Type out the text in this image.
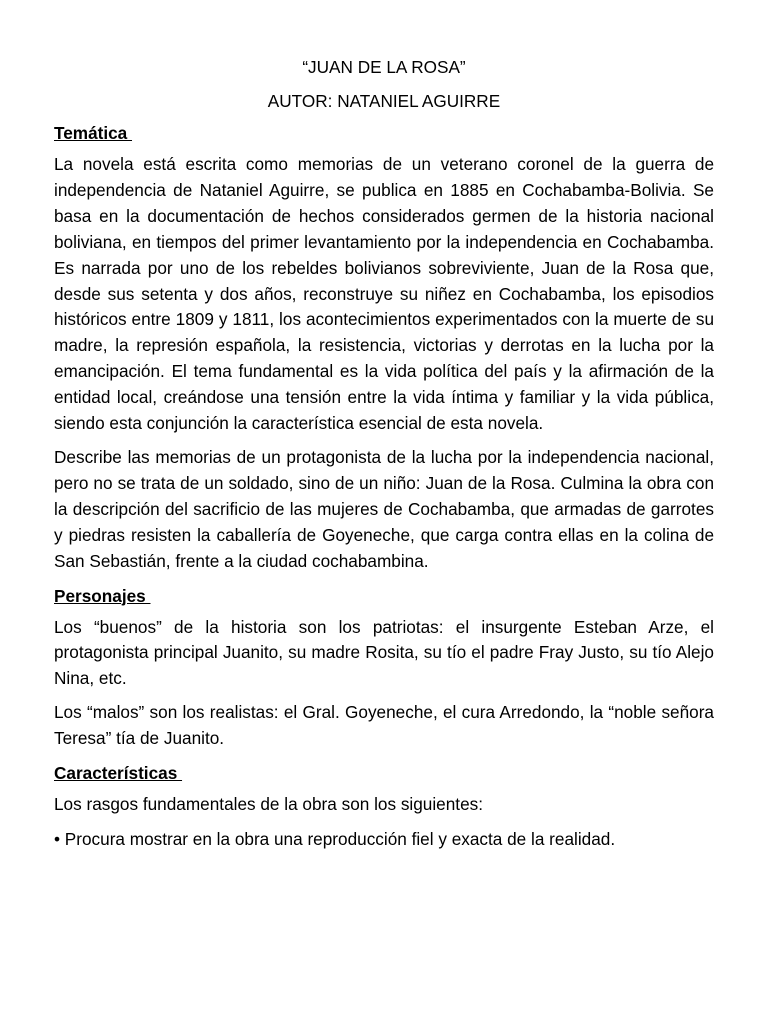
“JUAN DE LA ROSA”
AUTOR: NATANIEL AGUIRRE
Temática

La novela está escrita como memorias de un veterano coronel de la guerra de independencia de Nataniel Aguirre, se publica en 1885 en Cochabamba-Bolivia. Se basa en la documentación de hechos considerados germen de la historia nacional boliviana, en tiempos del primer levantamiento por la independencia en Cochabamba. Es narrada por uno de los rebeldes bolivianos sobreviviente, Juan de la Rosa que, desde sus setenta y dos años, reconstruye su niñez en Cochabamba, los episodios históricos entre 1809 y 1811, los acontecimientos experimentados con la muerte de su madre, la represión española, la resistencia, victorias y derrotas en la lucha por la emancipación. El tema fundamental es la vida política del país y la afirmación de la entidad local, creándose una tensión entre la vida íntima y familiar y la vida pública, siendo esta conjunción la característica esencial de esta novela.

Describe las memorias de un protagonista de la lucha por la independencia nacional, pero no se trata de un soldado, sino de un niño: Juan de la Rosa. Culmina la obra con la descripción del sacrificio de las mujeres de Cochabamba, que armadas de garrotes y piedras resisten la caballería de Goyeneche, que carga contra ellas en la colina de San Sebastián, frente a la ciudad cochabambina.

Personajes

Los “buenos” de la historia son los patriotas: el insurgente Esteban Arze, el protagonista principal Juanito, su madre Rosita, su tío el padre Fray Justo, su tío Alejo Nina, etc.

Los “malos” son los realistas: el Gral. Goyeneche, el cura Arredondo, la “noble señora Teresa” tía de Juanito.

Características

Los rasgos fundamentales de la obra son los siguientes:

• Procura mostrar en la obra una reproducción fiel y exacta de la realidad.
